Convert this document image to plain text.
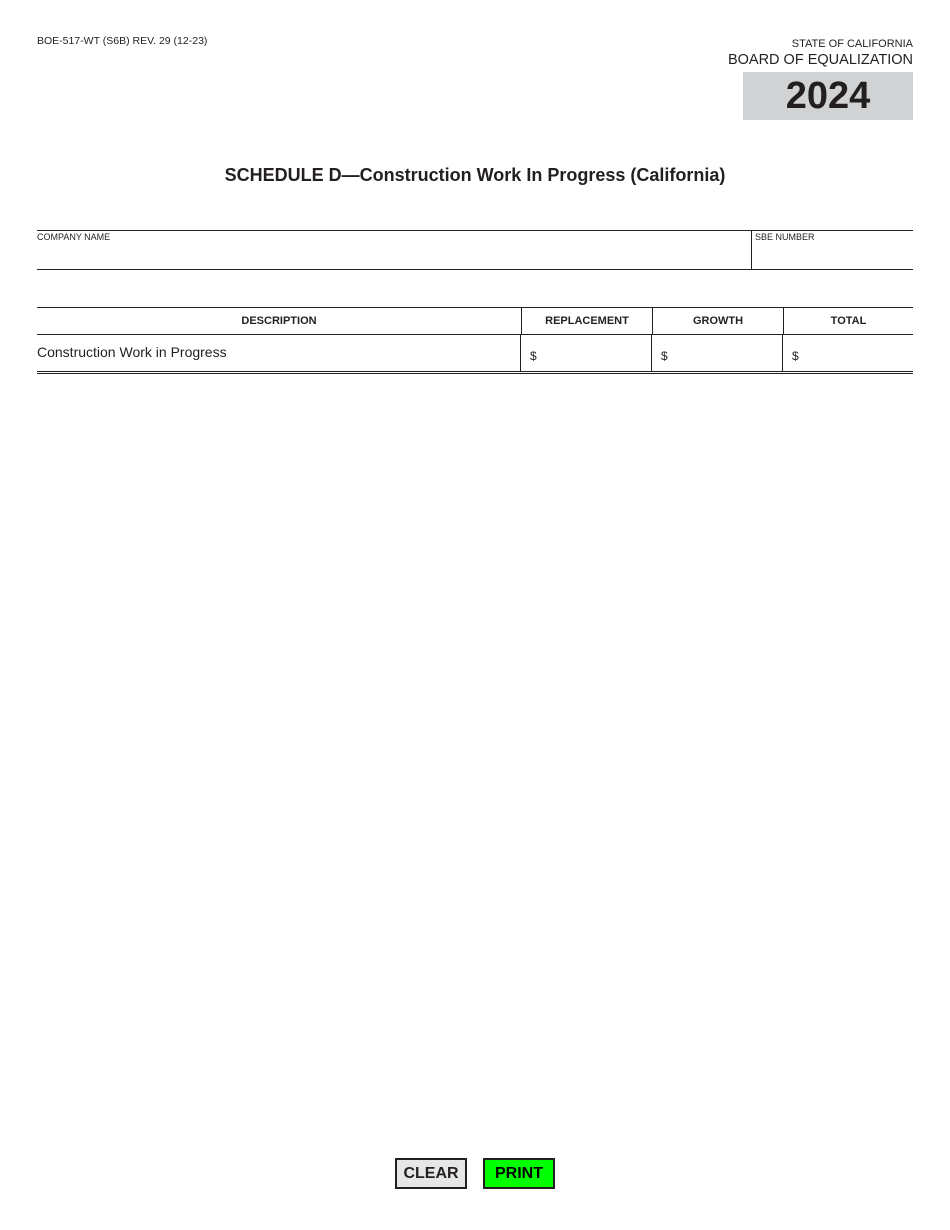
BOE-517-WT (S6B) REV. 29 (12-23)	STATE OF CALIFORNIA
BOARD OF EQUALIZATION
2024
SCHEDULE D—Construction Work In Progress (California)
COMPANY NAME	SBE NUMBER
DESCRIPTION	REPLACEMENT	GROWTH	TOTAL
Construction Work in Progress	$	$	$
CLEAR	PRINT
